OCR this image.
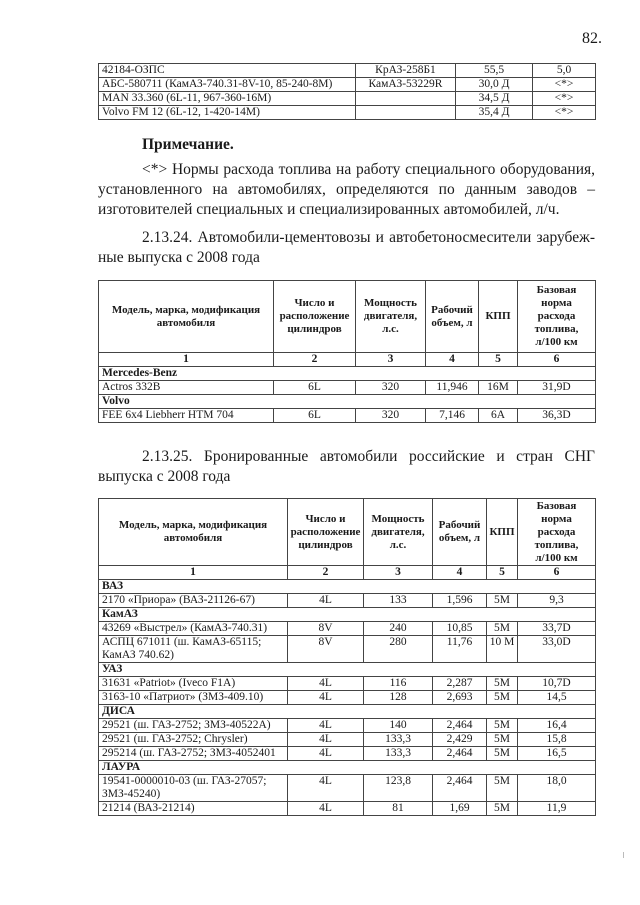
82.
42184-ОЗПС	КрАЗ-258Б1	55,5	5,0
АБС-580711 (КамАЗ-740.31-8V-10, 85-240-8М)	КамАЗ-53229R	30,0 Д	<*>
MAN 33.360 (6L-11, 967-360-16M)		34,5 Д	<*>
Volvo FM 12 (6L-12, 1-420-14M)		35,4 Д	<*>
Примечание.
<*> Нормы расхода топлива на работу специального оборудования, установленного на автомобилях, определяются по данным заводов – изготовителей специальных и специализированных автомобилей, л/ч.
2.13.24. Автомобили-цементовозы и автобетоносмесители зарубеж-ные выпуска с 2008 года
Модель, марка, модификация автомобиля	Число и расположение цилиндров	Мощность двигателя, л.с.	Рабочий объем, л	КПП	Базовая норма расхода топлива, л/100 км
1	2	3	4	5	6
Mercedes-Benz					
Actros 332B	6L	320	11,946	16M	31,9D
Volvo					
FEE 6x4 Liebherr HTM 704	6L	320	7,146	6A	36,3D
2.13.25. Бронированные автомобили российские и стран СНГ выпуска с 2008 года
Модель, марка, модификация автомобиля	Число и расположение цилиндров	Мощность двигателя, л.с.	Рабочий объем, л	КПП	Базовая норма расхода топлива, л/100 км
1	2	3	4	5	6
ВАЗ					
2170 «Приора» (ВАЗ-21126-67)	4L	133	1,596	5M	9,3
КамАЗ					
43269 «Выстрел» (КамАЗ-740.31)	8V	240	10,85	5M	33,7D
АСПЦ 671011 (ш. КамАЗ-65115; КамАЗ 740.62)	8V	280	11,76	10 M	33,0D
УАЗ					
31631 «Patriot» (Iveco F1A)	4L	116	2,287	5M	10,7D
3163-10 «Патриот» (ЗМЗ-409.10)	4L	128	2,693	5M	14,5
ДИСА					
29521 (ш. ГАЗ-2752; ЗМЗ-40522А)	4L	140	2,464	5M	16,4
29521 (ш. ГАЗ-2752; Chrysler)	4L	133,3	2,429	5M	15,8
295214 (ш. ГАЗ-2752; ЗМЗ-4052401	4L	133,3	2,464	5M	16,5
ЛАУРА					
19541-0000010-03 (ш. ГАЗ-27057; ЗМЗ-45240)	4L	123,8	2,464	5M	18,0
21214 (ВАЗ-21214)	4L	81	1,69	5M	11,9
